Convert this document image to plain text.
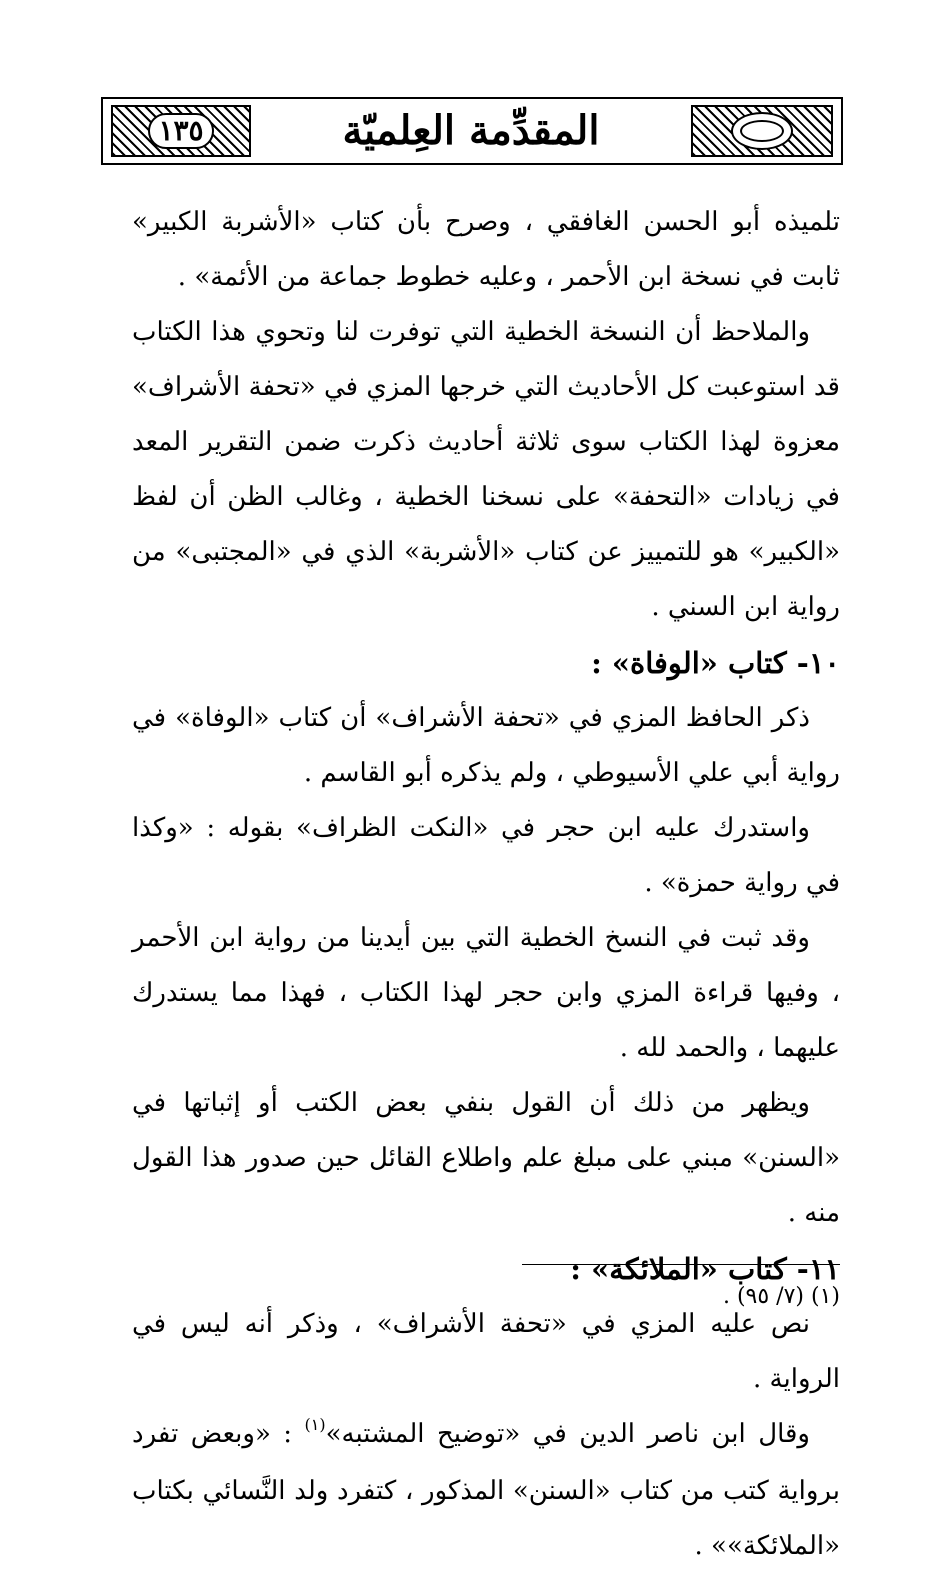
١٣٥	المقدِّمة العِلميّة

تلميذه أبو الحسن الغافقي ، وصرح بأن كتاب «الأشربة الكبير» ثابت في نسخة ابن الأحمر ، وعليه خطوط جماعة من الأئمة» .

والملاحظ أن النسخة الخطية التي توفرت لنا وتحوي هذا الكتاب قد استوعبت كل الأحاديث التي خرجها المزي في «تحفة الأشراف» معزوة لهذا الكتاب سوى ثلاثة أحاديث ذكرت ضمن التقرير المعد في زيادات «التحفة» على نسخنا الخطية ، وغالب الظن أن لفظ «الكبير» هو للتمييز عن كتاب «الأشربة» الذي في «المجتبى» من رواية ابن السني .

١٠- كتاب «الوفاة» :

ذكر الحافظ المزي في «تحفة الأشراف» أن كتاب «الوفاة» في رواية أبي علي الأسيوطي ، ولم يذكره أبو القاسم .

واستدرك عليه ابن حجر في «النكت الظراف» بقوله : «وكذا في رواية حمزة» .

وقد ثبت في النسخ الخطية التي بين أيدينا من رواية ابن الأحمر ، وفيها قراءة المزي وابن حجر لهذا الكتاب ، فهذا مما يستدرك عليهما ، والحمد لله .

ويظهر من ذلك أن القول بنفي بعض الكتب أو إثباتها في «السنن» مبني على مبلغ علم واطلاع القائل حين صدور هذا القول منه .

١١- كتاب «الملائكة» :

نص عليه المزي في «تحفة الأشراف» ، وذكر أنه ليس في الرواية .

وقال ابن ناصر الدين في «توضيح المشتبه»$^{(١)}$ : «وبعض تفرد برواية كتب من كتاب «السنن» المذكور ، كتفرد ولد النَّسائي بكتاب «الملائكة»» .

(١) (٧/ ٩٥) .
